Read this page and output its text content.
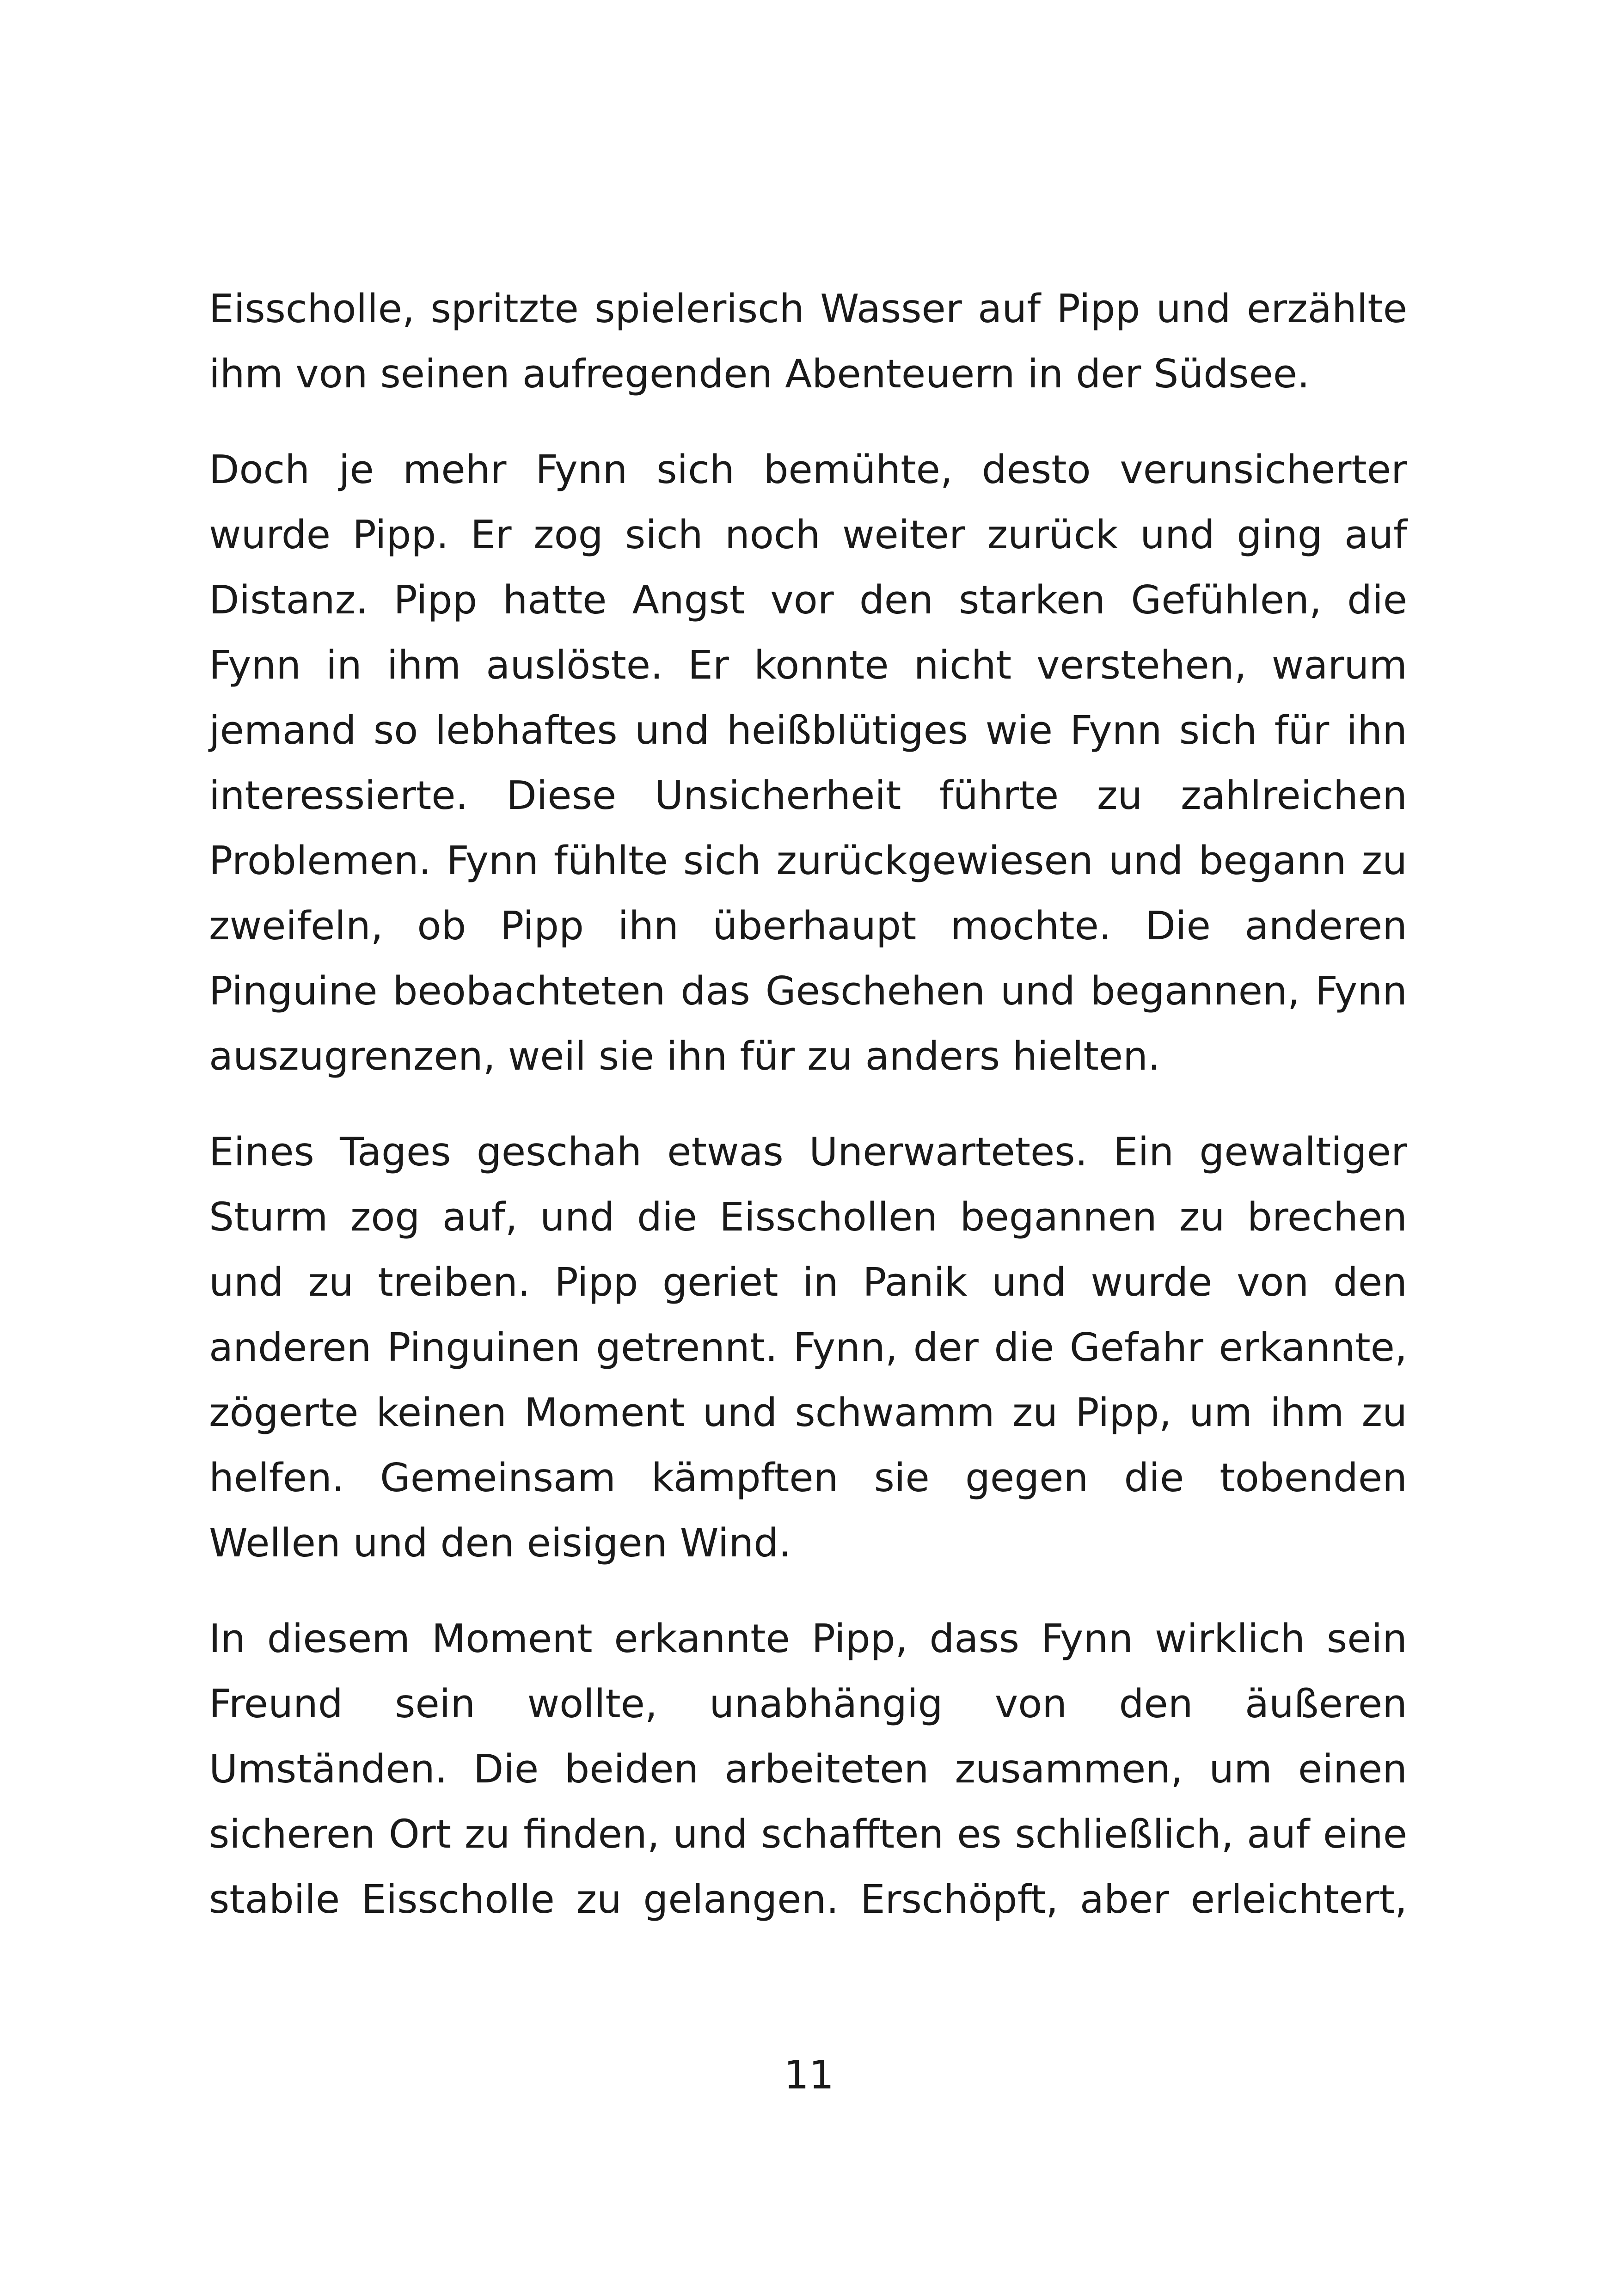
Eisscholle, spritzte spielerisch Wasser auf Pipp und erzählte ihm von seinen aufregenden Abenteuern in der Südsee.

Doch je mehr Fynn sich bemühte, desto verunsicherter wurde Pipp. Er zog sich noch weiter zurück und ging auf Distanz. Pipp hatte Angst vor den starken Gefühlen, die Fynn in ihm auslöste. Er konnte nicht verstehen, warum jemand so lebhaftes und heißblütiges wie Fynn sich für ihn interessierte. Diese Unsicherheit führte zu zahlreichen Problemen. Fynn fühlte sich zurückgewiesen und begann zu zweifeln, ob Pipp ihn überhaupt mochte. Die anderen Pinguine beobachteten das Geschehen und begannen, Fynn auszugrenzen, weil sie ihn für zu anders hielten.

Eines Tages geschah etwas Unerwartetes. Ein gewaltiger Sturm zog auf, und die Eisschollen begannen zu brechen und zu treiben. Pipp geriet in Panik und wurde von den anderen Pinguinen getrennt. Fynn, der die Gefahr erkannte, zögerte keinen Moment und schwamm zu Pipp, um ihm zu helfen. Gemeinsam kämpften sie gegen die tobenden Wellen und den eisigen Wind.

In diesem Moment erkannte Pipp, dass Fynn wirklich sein Freund sein wollte, unabhängig von den äußeren Umständen. Die beiden arbeiteten zusammen, um einen sicheren Ort zu finden, und schafften es schließlich, auf eine stabile Eisscholle zu gelangen. Erschöpft, aber erleichtert,

11
